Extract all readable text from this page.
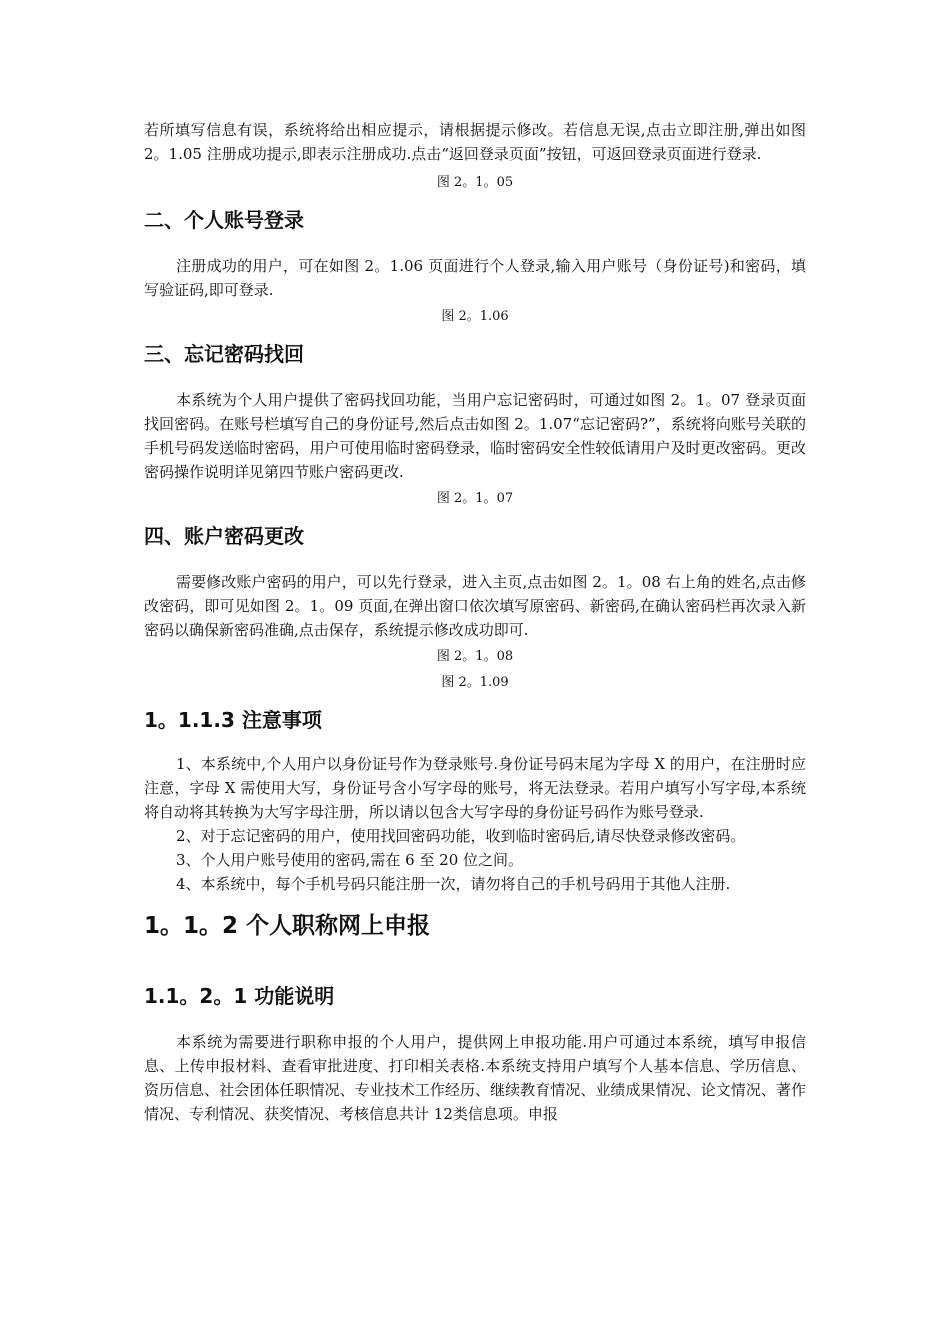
若所填写信息有误，系统将给出相应提示，请根据提示修改。若信息无误,点击立即注册,弹出如图 2。1.05 注册成功提示,即表示注册成功.点击“返回登录页面”按钮，可返回登录页面进行登录.

图 2。1。05

二、个人账号登录

注册成功的用户，可在如图 2。1.06 页面进行个人登录,输入用户账号（身份证号)和密码，填写验证码,即可登录.

图 2。1.06

三、忘记密码找回

本系统为个人用户提供了密码找回功能，当用户忘记密码时，可通过如图 2。1。07 登录页面找回密码。在账号栏填写自己的身份证号,然后点击如图 2。1.07“忘记密码?”，系统将向账号关联的手机号码发送临时密码，用户可使用临时密码登录，临时密码安全性较低请用户及时更改密码。更改密码操作说明详见第四节账户密码更改.

图 2。1。07

四、账户密码更改

需要修改账户密码的用户，可以先行登录，进入主页,点击如图 2。1。08 右上角的姓名,点击修改密码，即可见如图 2。1。09 页面,在弹出窗口依次填写原密码、新密码,在确认密码栏再次录入新密码以确保新密码准确,点击保存，系统提示修改成功即可.

图 2。1。08

图 2。1.09

1。1.1.3 注意事项

1、本系统中,个人用户以身份证号作为登录账号.身份证号码末尾为字母 X 的用户，在注册时应注意，字母 X 需使用大写，身份证号含小写字母的账号，将无法登录。若用户填写小写字母,本系统将自动将其转换为大写字母注册，所以请以包含大写字母的身份证号码作为账号登录.

2、对于忘记密码的用户，使用找回密码功能，收到临时密码后,请尽快登录修改密码。

3、个人用户账号使用的密码,需在 6 至 20 位之间。

4、本系统中，每个手机号码只能注册一次，请勿将自己的手机号码用于其他人注册.

1。1。2 个人职称网上申报
1.1。2。1 功能说明

本系统为需要进行职称申报的个人用户，提供网上申报功能.用户可通过本系统，填写申报信息、上传申报材料、查看审批进度、打印相关表格.本系统支持用户填写个人基本信息、学历信息、资历信息、社会团体任职情况、专业技术工作经历、继续教育情况、业绩成果情况、论文情况、著作情况、专利情况、获奖情况、考核信息共计 12类信息项。申报
